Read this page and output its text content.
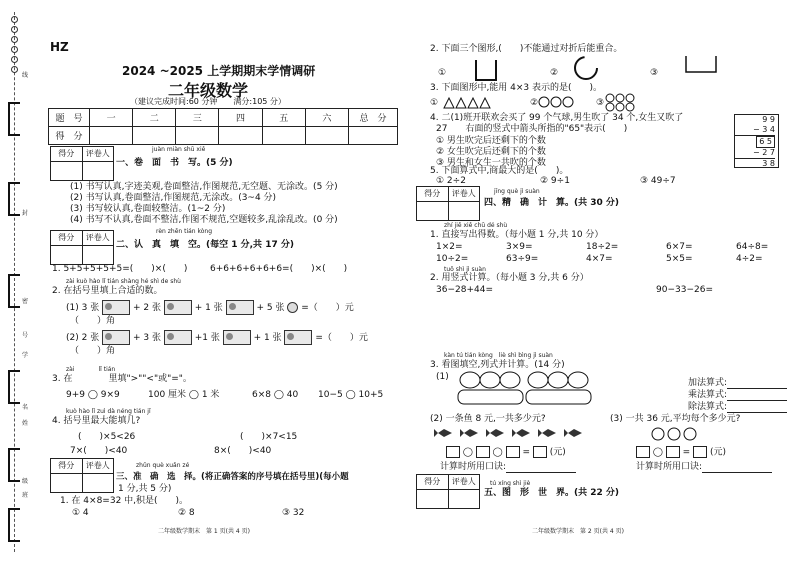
线
封
密
号
学
名
姓
级
班
HZ
2024 ~2025 上学期期末学情调研
二年级数学
（建议完成时间:60 分钟　　满分:105 分）
题　号	一	二	三	四	五	六	总　分
得　分							
得分	评卷人	juàn miàn shū xiě
一、卷　面　书　写。(5 分)
(1) 书写认真,字迹美观,卷面整洁,作图规范,无空题、无涂改。(5 分)
(2) 书写认真,卷面整洁,作图规范,无涂改。(3~4 分)
(3) 书写较认真,卷面较整洁。(1~2 分)
(4) 书写不认真,卷面不整洁,作图不规范,空题较多,乱涂乱改。(0 分)
得分	评卷人
rèn zhēn tián kòng
二、认　真　填　空。(每空 1 分,共 17 分)
1. 5+5+5+5+5=(　　)×(　　)	6+6+6+6+6+6=(　　)×(　　)
zài kuò hào lǐ tián shàng hé shì de shù
2. 在括号里填上合适的数。
(1) 3 张	+ 2 张	+ 1 张	+ 5 张 =（　　）元
（　　）角
(2) 2 张	+ 3 张	+1 张	+ 1 张	=（　　）元
（　　）角
zài　　　　lǐ tián
3. 在　　　　里填">""<"或"="。
9+9 ◯ 9×9	100 厘米 ◯ 1 米	6×8 ◯ 40 10−5 ◯ 10+5
kuò hào lǐ zuì dà néng tián jǐ
4. 括号里最大能填几?
(　　)×5<26	(　　)×7<15
7×(　　)<40	8×(　　)<40
得分	评卷人	zhǔn què xuǎn zé
三、准　确　选　择。(将正确答案的序号填在括号里)(每小题
1 分,共 5 分)
1. 在 4×8=32 中,积是(　　)。
① 4	② 8	③ 32
二年级数学期末　第 1 页(共 4 页)
2. 下面三个图形,(　　)不能通过对折后能重合。
①	②	③
3. 下面图形中,能用 4×3 表示的是(　　)。
①	②	③
4. 二(1)班开联欢会买了 99 个气球,男生吹了 34 个,女生又吹了
27　　右面的竖式中箭头所指的"65"表示(　　)
① 男生吹完后还剩下的个数
② 女生吹完后还剩下的个数
③ 男生和女生一共吹的个数
9 9
− 3 4
6 5
− 2 7
3 8
5. 下面算式中,商最大的是(　　)。
① 2÷2	② 9÷1	③ 49÷7
得分	评卷人	jīng què jì suàn
四、精　确　计　算。(共 30 分)
zhí jiē xiě chū dé shù
1. 直接写出得数。（每小题 1 分,共 10 分）
1×2=	3×9=	18÷2=	6×7=	64÷8=
10÷2=	63÷9=	4×7=	5×5=	4÷2=
tuō shì jì suàn
2. 用竖式计算。（每小题 3 分,共 6 分）
36−28+44=	90−33−26=
kàn tú tián kòng　liè shì bìng jì suàn
3. 看图填空,列式并计算。(14 分)
(1)
加法算式:
乘法算式:
除法算式:
(2) 一条鱼 8 元,一共多少元?	(3) 一共 36 元,平均每个多少元?
◯  ◯  =  (元)	◯  =  (元)
计算时所用口诀:	计算时所用口诀:
得分	评卷人	tú xíng shì jiè
五、图　形　世　界。(共 22 分)
二年级数学期末　第 2 页(共 4 页)
